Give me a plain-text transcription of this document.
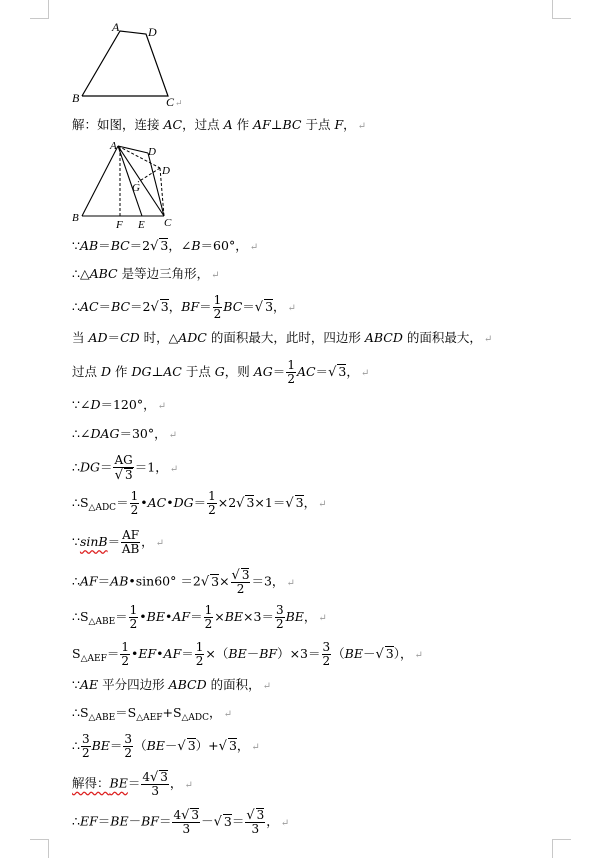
A D
B	C ↵
解：如图，连接 AC，过点 A 作 AF⊥BC 于点 F， ↵
A	D
D
G
B
F E C
∵AB＝BC＝2√ 3，∠B＝60°， ↵
∴△ABC 是等边三角形， ↵
∴AC＝BC＝2√ 3，$BF= \frac{1}{2} BC=√$ 3， ↵
当 AD＝CD 时，△ADC 的面积最大，此时，四边形 ABCD 的面积最大， ↵
过点 D 作 DG⊥AC 于点 G，则 $AG= \frac{1}{2} AC=√$ 3， ↵
∵∠D＝120°， ↵
∴∠DAG＝30°， ↵
∴DG＝ $\frac{AG}{√ 3} =1$， ↵
$\therefore S_{\triangle ADC}= \frac{1}{2}$ •AC•DG＝ $\frac{1}{2} \times 2√$ 3×1＝√ 3， ↵
∵sinB＝ $\frac{AF}{AB}$ ， ↵
∴AF＝AB•sin60° ＝2√ $3\times \frac{√ 3}{2} =3$， ↵
$\therefore S_{\triangle ABE}= \frac{1}{2}$ •BE•AF＝ $\frac{1}{2} \times BE\times 3= \frac{3}{2}$ BE， ↵
$S_{\triangle AEF}= \frac{1}{2}$ •EF•AF＝ $\frac{1}{2} \times(BE-BF)\times 3= \frac{3}{2} (BE-√$ 3）， ↵
∵AE 平分四边形 ABCD 的面积， ↵
$\therefore S_{\triangle ABE}=S_{\triangle AEF}+S_{\triangle ADC}$， ↵
∴ $\frac{3}{2} BE= \frac{3}{2} (BE-√$ 3）+√ 3， ↵
解得：$BE= \frac{4√ 3}{3}$ ， ↵
∴EF＝BE－BF＝ $\frac{4√ 3}{3}$ －√ $3= \frac{√ 3}{3}$ ， ↵
